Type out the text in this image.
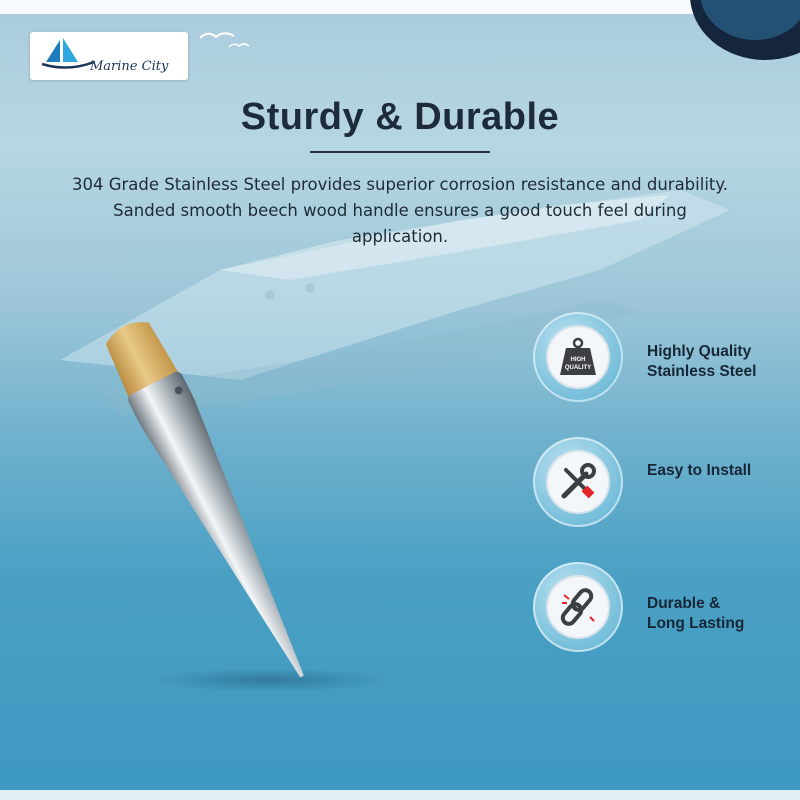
Marine City
Sturdy & Durable

304 Grade Stainless Steel provides superior corrosion resistance and durability. Sanded smooth beech wood handle ensures a good touch feel during application.

HIGH
QUALITY
Highly Quality
Stainless Steel
Easy to Install
Durable &
Long Lasting
